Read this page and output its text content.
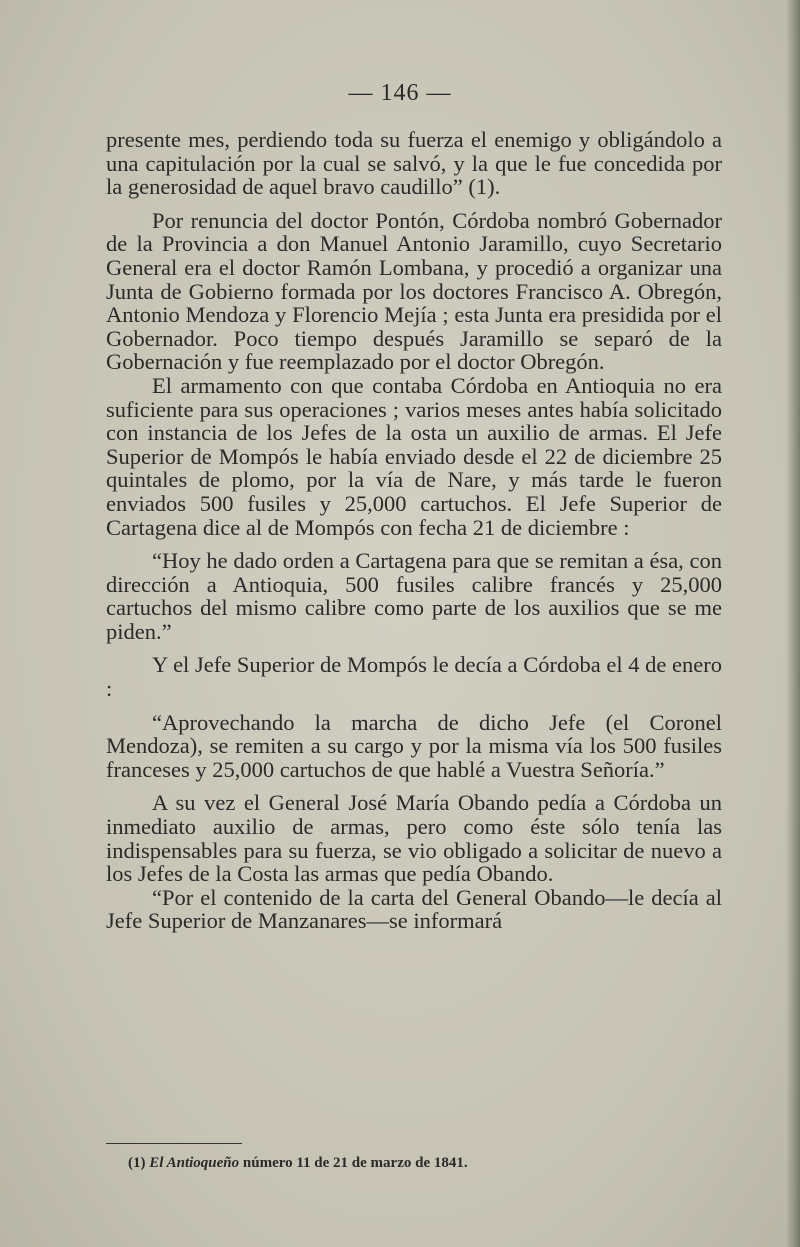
— 146 —

presente mes, perdiendo toda su fuerza el enemigo y obligándolo a una capitulación por la cual se salvó, y la que le fue concedida por la generosidad de aquel bravo caudillo” (1).

Por renuncia del doctor Pontón, Córdoba nombró Gobernador de la Provincia a don Manuel Antonio Jaramillo, cuyo Secretario General era el doctor Ramón Lombana, y procedió a organizar una Junta de Gobierno formada por los doctores Francisco A. Obregón, Antonio Mendoza y Florencio Mejía ; esta Junta era presidida por el Gobernador. Poco tiempo después Jaramillo se separó de la Gobernación y fue reemplazado por el doctor Obregón.

El armamento con que contaba Córdoba en Antioquia no era suficiente para sus operaciones ; varios meses antes había solicitado con instancia de los Jefes de la osta un auxilio de armas. El Jefe Superior de Mompós le había enviado desde el 22 de diciembre 25 quintales de plomo, por la vía de Nare, y más tarde le fueron enviados 500 fusiles y 25,000 cartuchos. El Jefe Superior de Cartagena dice al de Mompós con fecha 21 de diciembre :

“Hoy he dado orden a Cartagena para que se remitan a ésa, con dirección a Antioquia, 500 fusiles calibre francés y 25,000 cartuchos del mismo calibre como parte de los auxilios que se me piden.”

Y el Jefe Superior de Mompós le decía a Córdoba el 4 de enero :

“Aprovechando la marcha de dicho Jefe (el Coronel Mendoza), se remiten a su cargo y por la misma vía los 500 fusiles franceses y 25,000 cartuchos de que hablé a Vuestra Señoría.”

A su vez el General José María Obando pedía a Córdoba un inmediato auxilio de armas, pero como éste sólo tenía las indispensables para su fuerza, se vio obligado a solicitar de nuevo a los Jefes de la Costa las armas que pedía Obando.

“Por el contenido de la carta del General Obando—le decía al Jefe Superior de Manzanares—se informará

(1) El Antioqueño número 11 de 21 de marzo de 1841.
